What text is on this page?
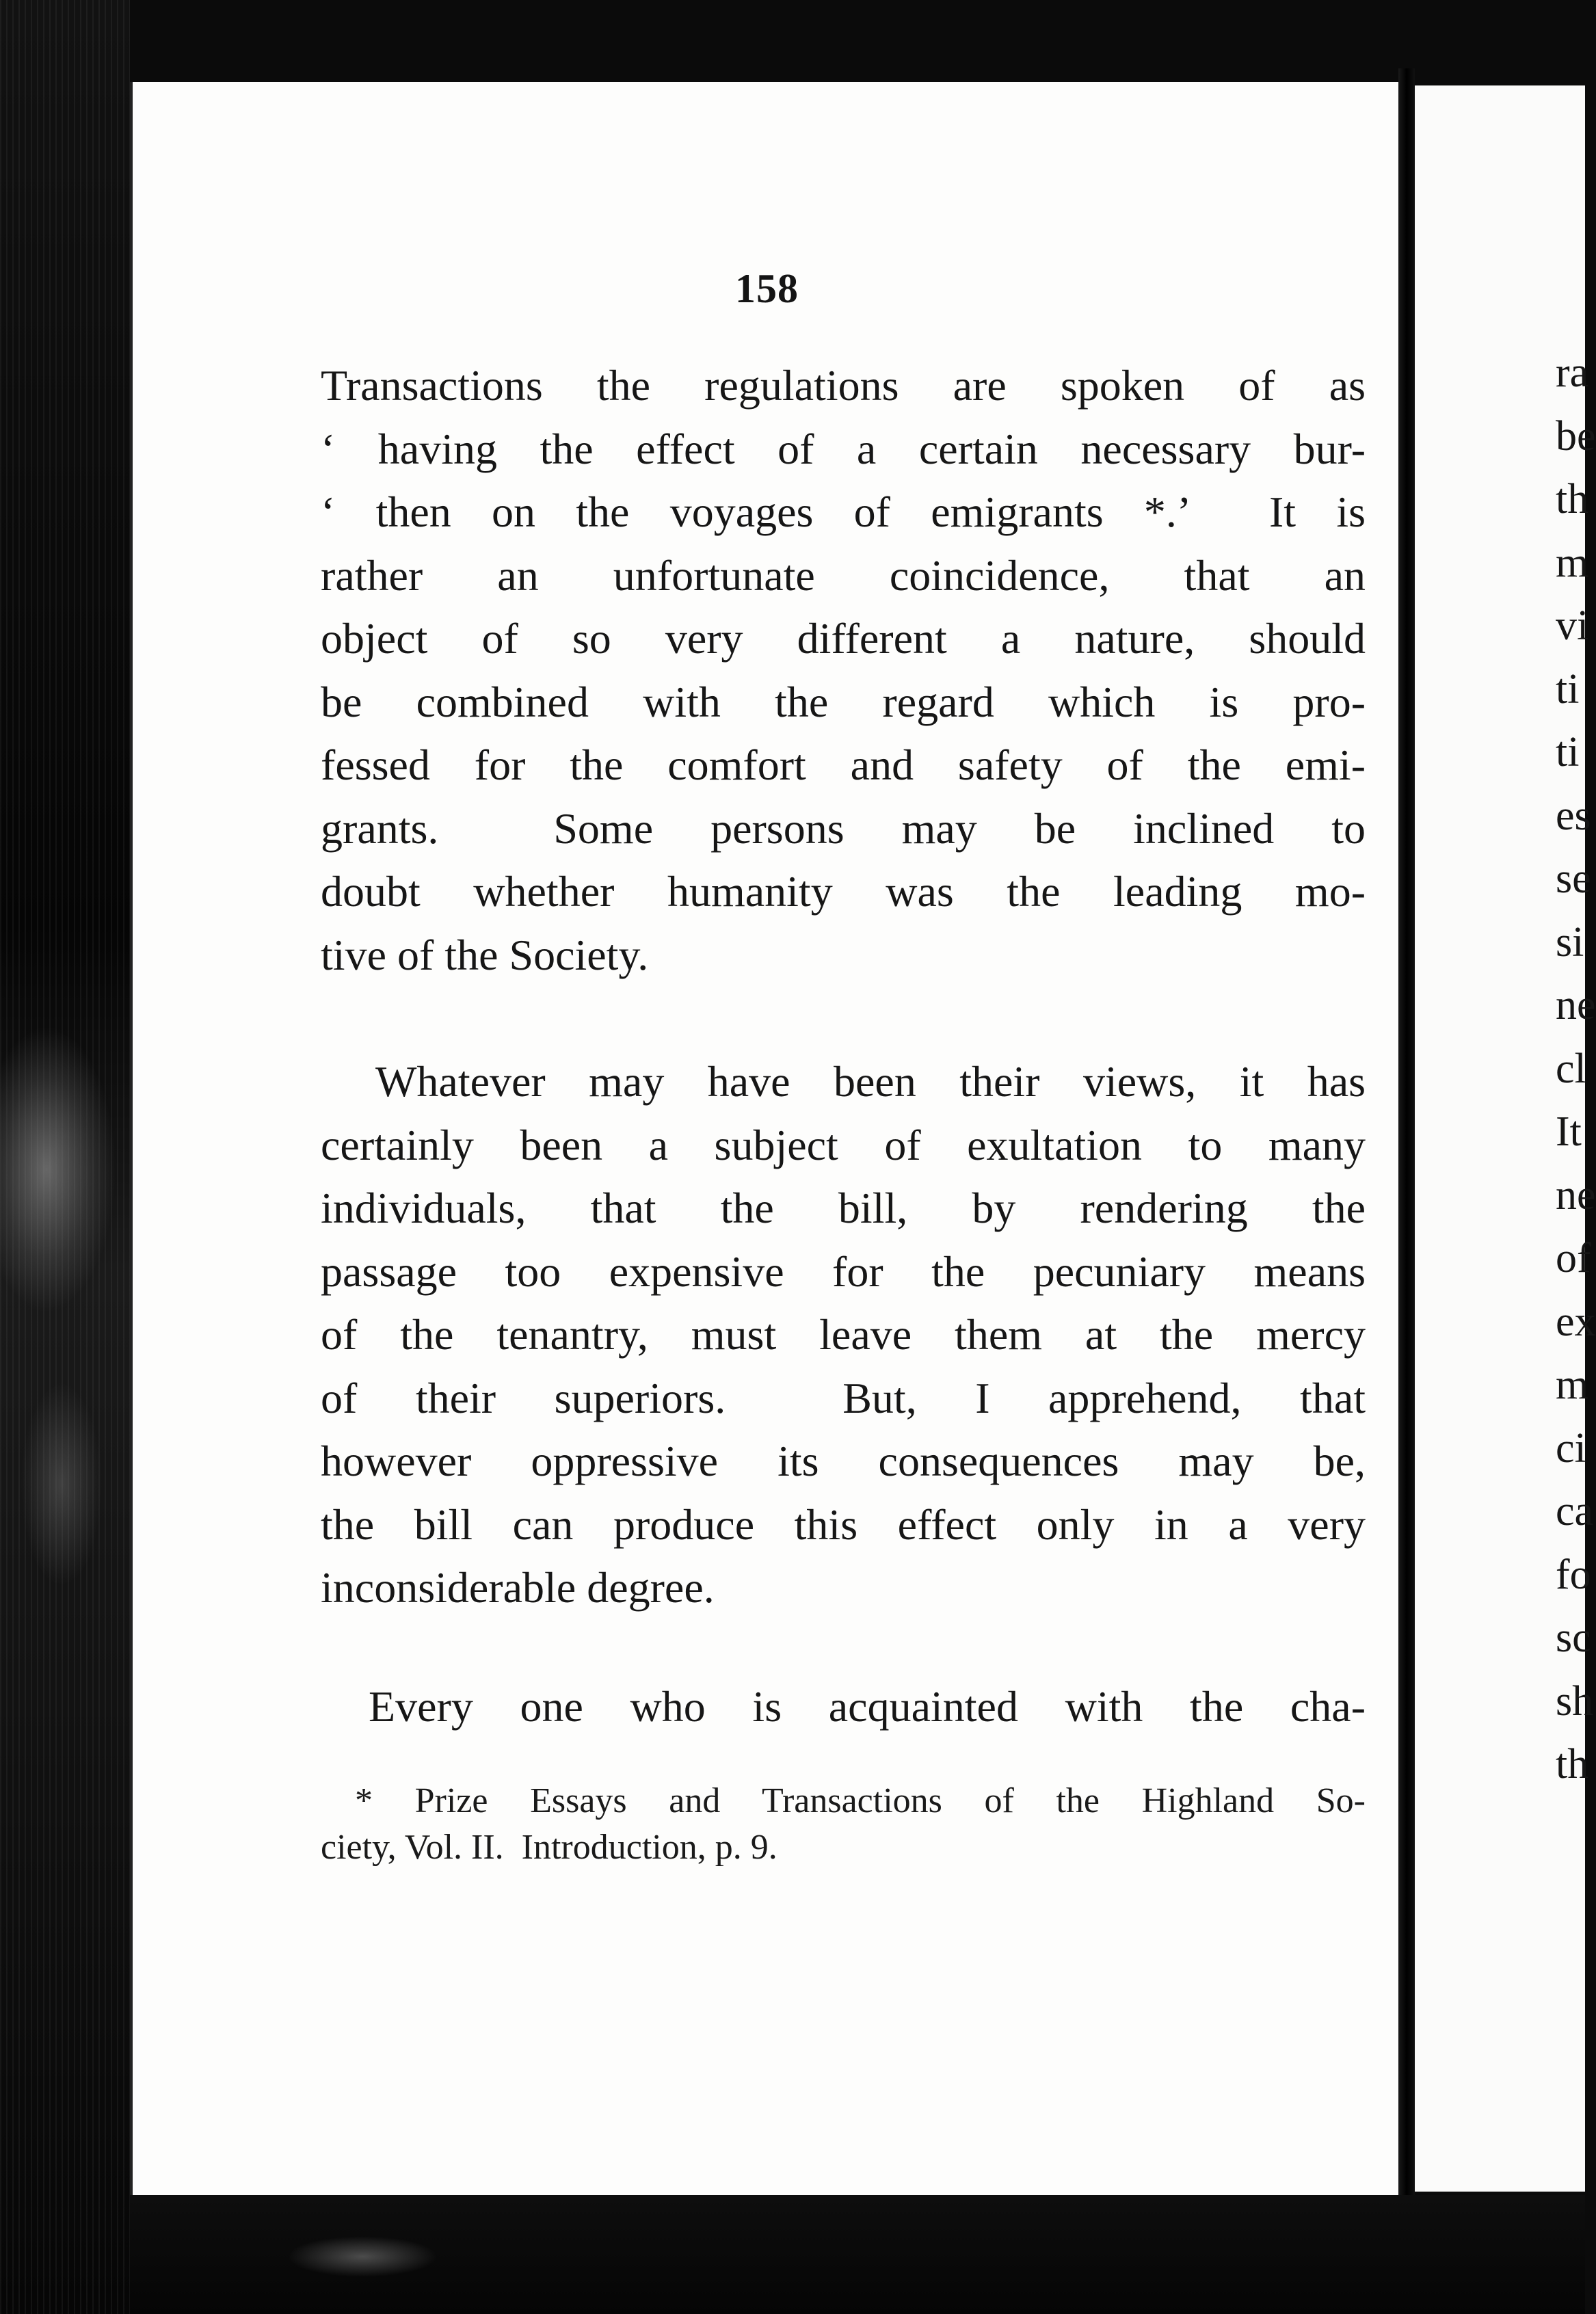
158
Transactions the regulations are spoken of as
‘ having the effect of a certain necessary bur-
‘ then on the voyages of emigrants *.’  It is
rather an unfortunate coincidence, that an
object of so very different a nature, should
be combined with the regard which is pro-
fessed for the comfort and safety of the emi-
grants.  Some persons may be inclined to
doubt whether humanity was the leading mo-
tive of the Society.
Whatever may have been their views, it has
certainly been a subject of exultation to many
individuals, that the bill, by rendering the
passage too expensive for the pecuniary means
of the tenantry, must leave them at the mercy
of their superiors.  But, I apprehend, that
however oppressive its consequences may be,
the bill can produce this effect only in a very
inconsiderable degree.
Every one who is acquainted with the cha-
* Prize Essays and Transactions of the Highland So-
ciety, Vol. II.  Introduction, p. 9.
ra
be
th
m
vi
ti
ti
es
se
si
ne
cl
It
ne
of
ex
m
ci
ca
fo
sc
sh
th
